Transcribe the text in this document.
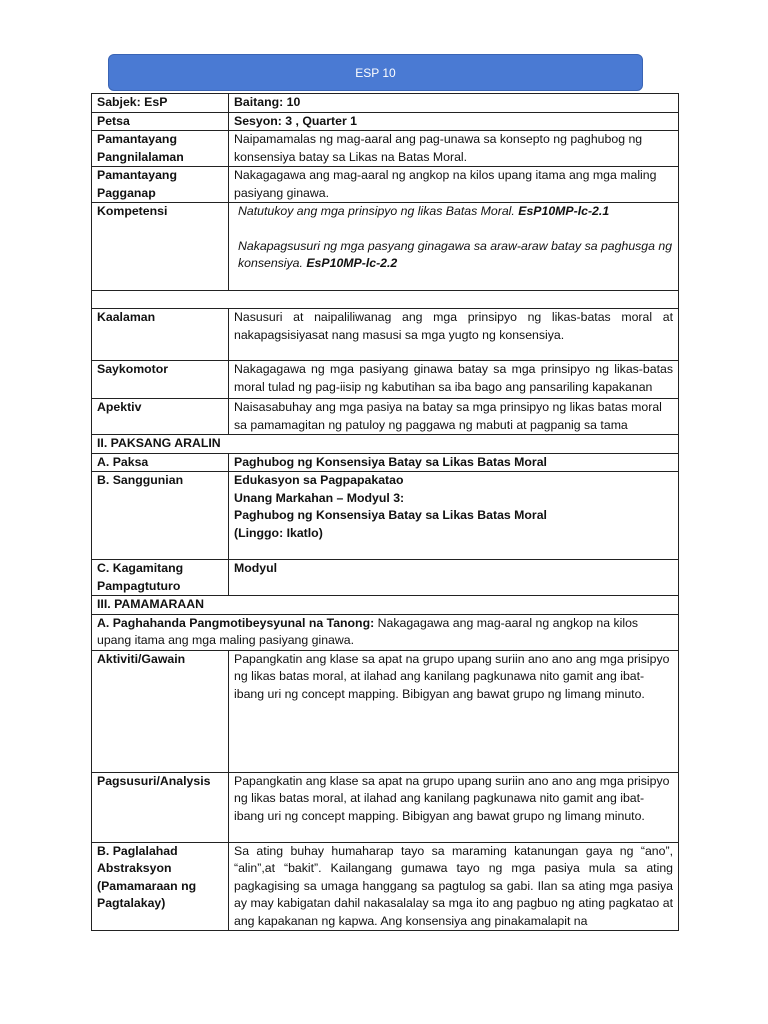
ESP 10
Sabjek: EsP	Baitang: 10
Petsa	Sesyon: 3 , Quarter 1
Pamantayang Pangnilalaman	Naipamamalas ng mag-aaral ang pag-unawa sa konsepto ng paghubog ng konsensiya batay sa Likas na Batas Moral.
Pamantayang Pagganap	Nakagagawa ang mag-aaral ng angkop na kilos upang itama ang mga maling pasiyang ginawa.
Kompetensi	Natutukoy ang mga prinsipyo ng likas Batas Moral. EsP10MP-lc-2.1
Nakapagsusuri ng mga pasyang ginagawa sa araw-araw batay sa paghusga ng konsensiya. EsP10MP-lc-2.2

Kaalaman	Nasusuri at naipaliliwanag ang mga prinsipyo ng likas-batas moral at nakapagsisiyasat nang masusi sa mga yugto ng konsensiya.
Saykomotor	Nakagagawa ng mga pasiyang ginawa batay sa mga prinsipyo ng likas-batas moral tulad ng pag-iisip ng kabutihan sa iba bago ang pansariling kapakanan
Apektiv	Naisasabuhay ang mga pasiya na batay sa mga prinsipyo ng likas batas moral sa pamamagitan ng patuloy ng paggawa ng mabuti at pagpanig sa tama
II. PAKSANG ARALIN	
A. Paksa	Paghubog ng Konsensiya Batay sa Likas Batas Moral
B. Sanggunian	Edukasyon sa Pagpapakatao
Unang Markahan – Modyul 3:
Paghubog ng Konsensiya Batay sa Likas Batas Moral
(Linggo: Ikatlo)

C. Kagamitang Pampagtuturo	Modyul
III. PAMAMARAAN	
A. Paghahanda Pangmotibeysyunal na Tanong: Nakagagawa ang mag-aaral ng angkop na kilos upang itama ang mga maling pasiyang ginawa.	
Aktiviti/Gawain	Papangkatin ang klase sa apat na grupo upang suriin ano ano ang mga prisipyo ng likas batas moral, at ilahad ang kanilang pagkunawa nito gamit ang ibat-ibang uri ng concept mapping. Bibigyan ang bawat grupo ng limang minuto.
Pagsusuri/Analysis	Papangkatin ang klase sa apat na grupo upang suriin ano ano ang mga prisipyo ng likas batas moral, at ilahad ang kanilang pagkunawa nito gamit ang ibat-ibang uri ng concept mapping. Bibigyan ang bawat grupo ng limang minuto.
B. Paglalahad Abstraksyon (Pamamaraan ng Pagtalakay)	Sa ating buhay humaharap tayo sa maraming katanungan gaya ng “ano”, “alin”,at “bakit”. Kailangang gumawa tayo ng mga pasiya mula sa ating pagkagising sa umaga hanggang sa pagtulog sa gabi. Ilan sa ating mga pasiya ay may kabigatan dahil nakasalalay sa mga ito ang pagbuo ng ating pagkatao at ang kapakanan ng kapwa. Ang konsensiya ang pinakamalapit na
